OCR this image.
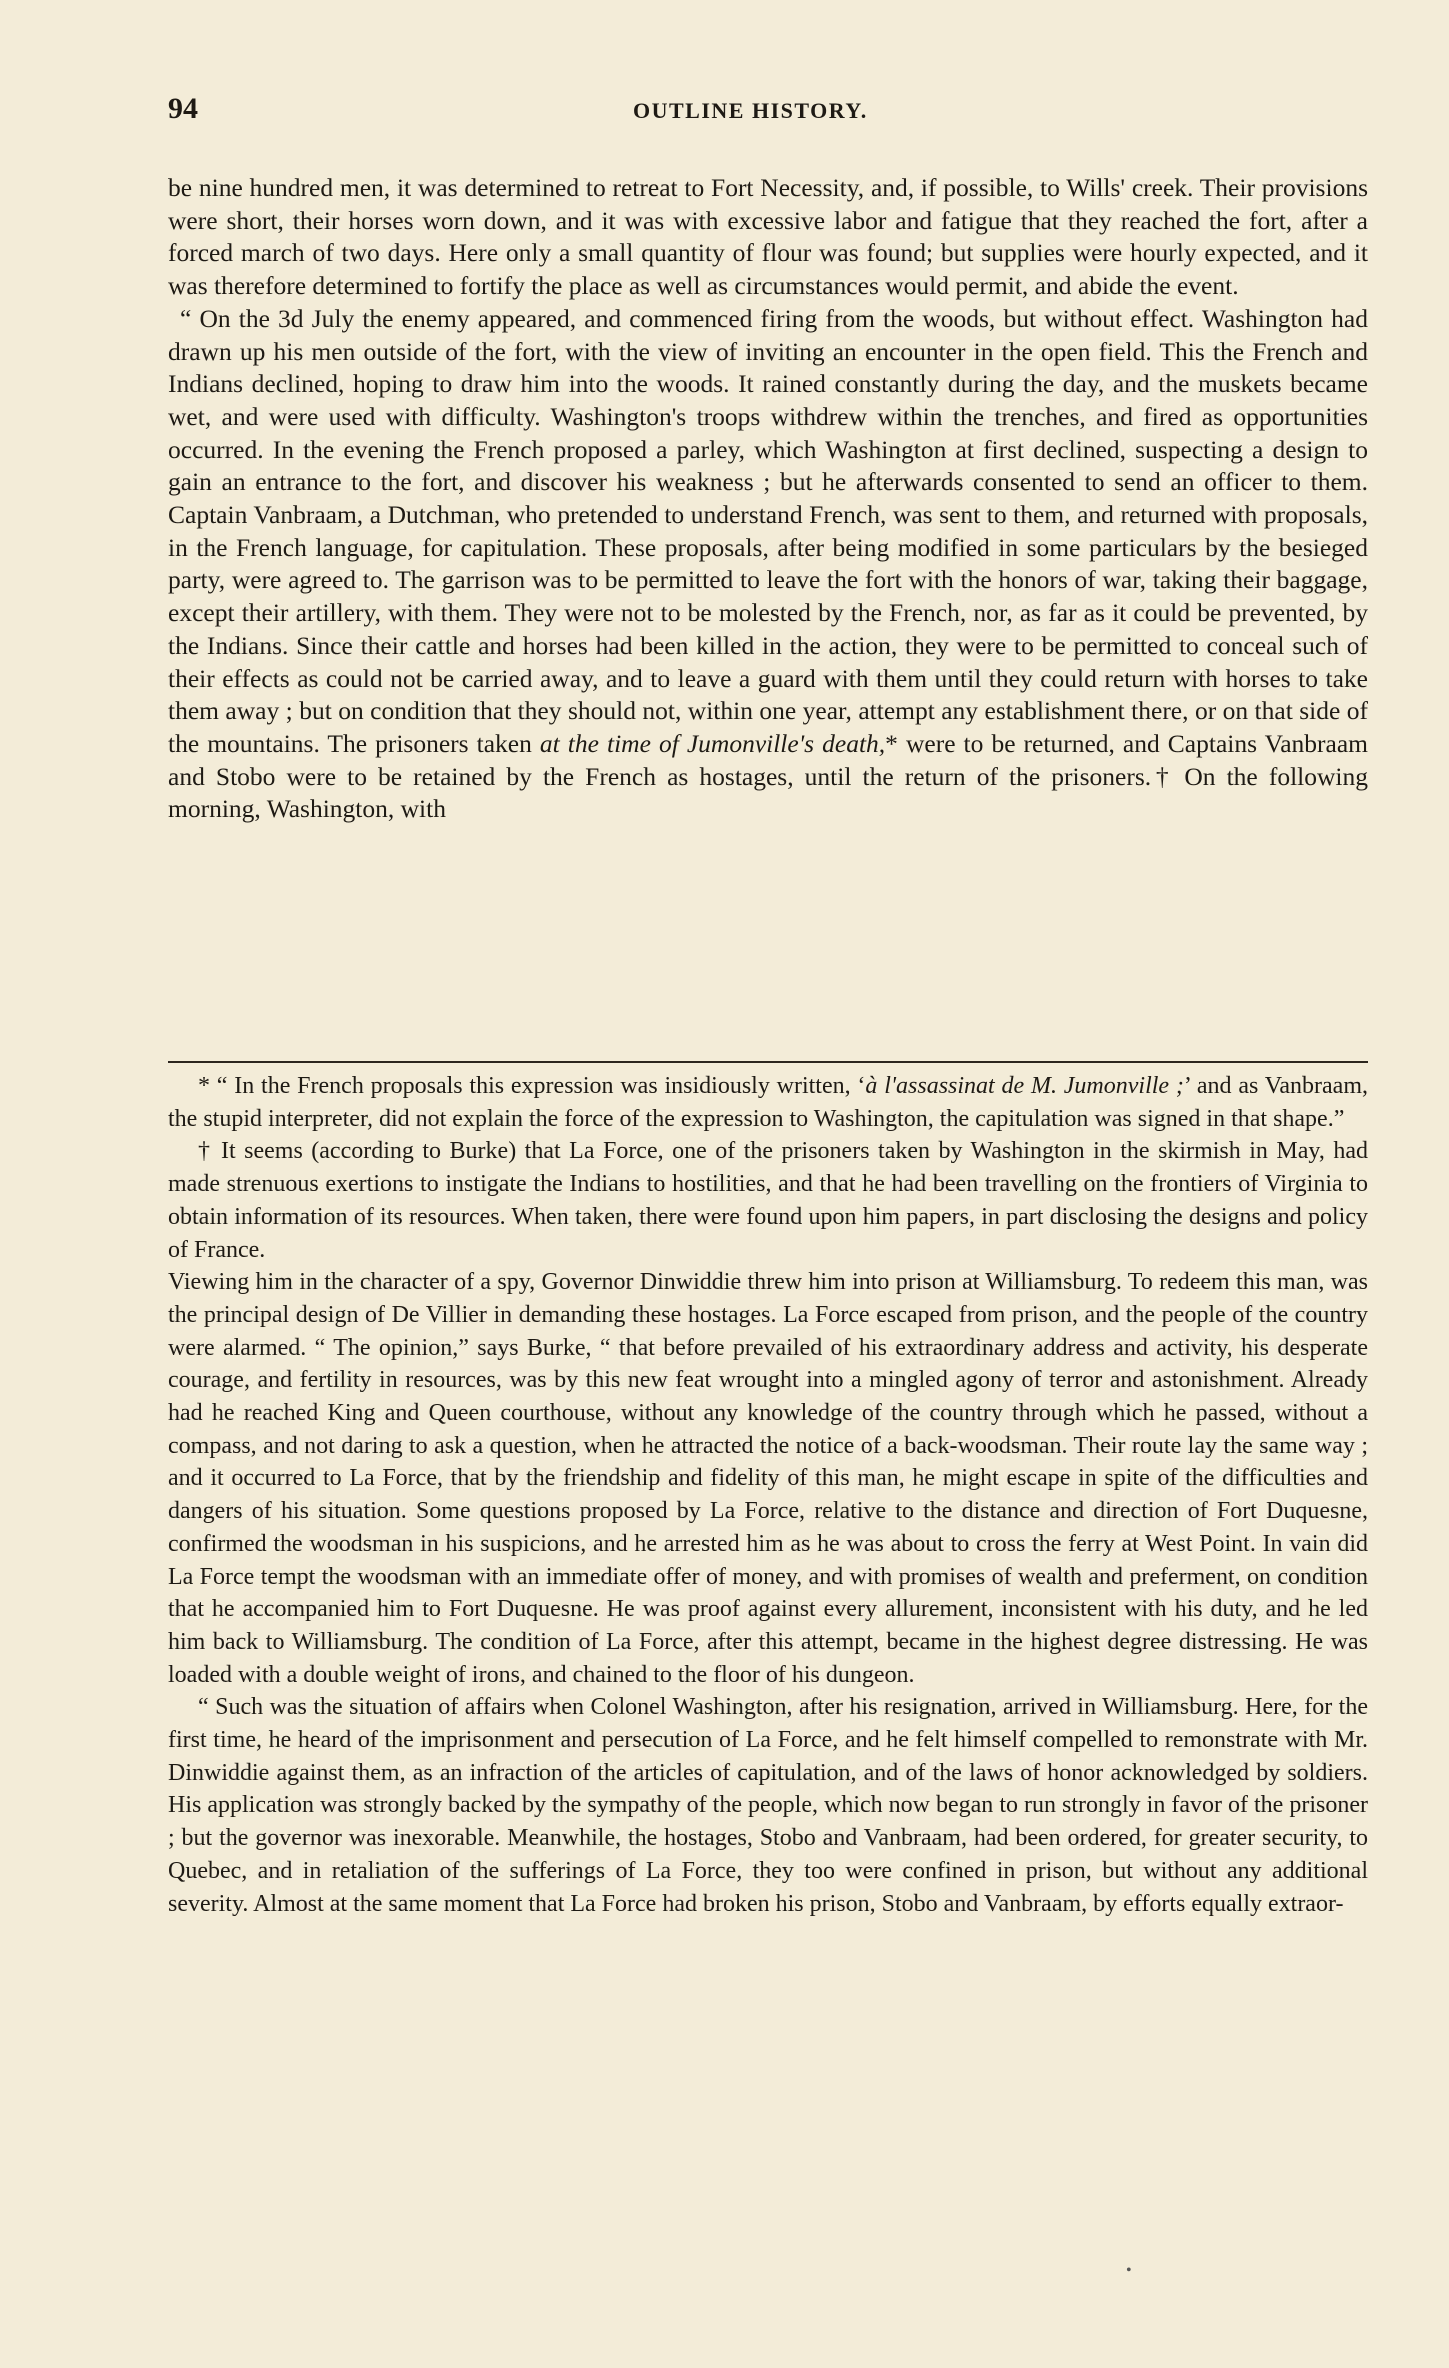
94	OUTLINE HISTORY.

be nine hundred men, it was determined to retreat to Fort Necessity, and, if possible, to Wills' creek. Their provisions were short, their horses worn down, and it was with excessive labor and fatigue that they reached the fort, after a forced march of two days. Here only a small quantity of flour was found; but supplies were hourly expected, and it was therefore determined to fortify the place as well as circumstances would permit, and abide the event.

“ On the 3d July the enemy appeared, and commenced firing from the woods, but without effect. Washington had drawn up his men outside of the fort, with the view of inviting an encounter in the open field. This the French and Indians declined, hoping to draw him into the woods. It rained constantly during the day, and the muskets became wet, and were used with difficulty. Washington's troops withdrew within the trenches, and fired as opportunities occurred. In the evening the French proposed a parley, which Washington at first declined, suspecting a design to gain an entrance to the fort, and discover his weakness ; but he afterwards consented to send an officer to them. Captain Vanbraam, a Dutchman, who pretended to understand French, was sent to them, and returned with proposals, in the French language, for capitulation. These proposals, after being modified in some particulars by the besieged party, were agreed to. The garrison was to be permitted to leave the fort with the honors of war, taking their baggage, except their artillery, with them. They were not to be molested by the French, nor, as far as it could be prevented, by the Indians. Since their cattle and horses had been killed in the action, they were to be permitted to conceal such of their effects as could not be carried away, and to leave a guard with them until they could return with horses to take them away ; but on condition that they should not, within one year, attempt any establishment there, or on that side of the mountains. The prisoners taken at the time of Jumonville's death,* were to be returned, and Captains Vanbraam and Stobo were to be retained by the French as hostages, until the return of the prisoners.† On the following morning, Washington, with

* “ In the French proposals this expression was insidiously written, ‘à l'assassinat de M. Jumonville ;’ and as Vanbraam, the stupid interpreter, did not explain the force of the expression to Washington, the capitulation was signed in that shape.”

† It seems (according to Burke) that La Force, one of the prisoners taken by Washington in the skirmish in May, had made strenuous exertions to instigate the Indians to hostilities, and that he had been travelling on the frontiers of Virginia to obtain information of its resources. When taken, there were found upon him papers, in part disclosing the designs and policy of France.

Viewing him in the character of a spy, Governor Dinwiddie threw him into prison at Williamsburg. To redeem this man, was the principal design of De Villier in demanding these hostages. La Force escaped from prison, and the people of the country were alarmed. “ The opinion,” says Burke, “ that before prevailed of his extraordinary address and activity, his desperate courage, and fertility in resources, was by this new feat wrought into a mingled agony of terror and astonishment. Already had he reached King and Queen courthouse, without any knowledge of the country through which he passed, without a compass, and not daring to ask a question, when he attracted the notice of a back-woodsman. Their route lay the same way ; and it occurred to La Force, that by the friendship and fidelity of this man, he might escape in spite of the difficulties and dangers of his situation. Some questions proposed by La Force, relative to the distance and direction of Fort Duquesne, confirmed the woodsman in his suspicions, and he arrested him as he was about to cross the ferry at West Point. In vain did La Force tempt the woodsman with an immediate offer of money, and with promises of wealth and preferment, on condition that he accompanied him to Fort Duquesne. He was proof against every allurement, inconsistent with his duty, and he led him back to Williamsburg. The condition of La Force, after this attempt, became in the highest degree distressing. He was loaded with a double weight of irons, and chained to the floor of his dungeon.

“ Such was the situation of affairs when Colonel Washington, after his resignation, arrived in Williamsburg. Here, for the first time, he heard of the imprisonment and persecution of La Force, and he felt himself compelled to remonstrate with Mr. Dinwiddie against them, as an infraction of the articles of capitulation, and of the laws of honor acknowledged by soldiers. His application was strongly backed by the sympathy of the people, which now began to run strongly in favor of the prisoner ; but the governor was inexorable. Meanwhile, the hostages, Stobo and Vanbraam, had been ordered, for greater security, to Quebec, and in retaliation of the sufferings of La Force, they too were confined in prison, but without any additional severity. Almost at the same moment that La Force had broken his prison, Stobo and Vanbraam, by efforts equally extraor-

•
